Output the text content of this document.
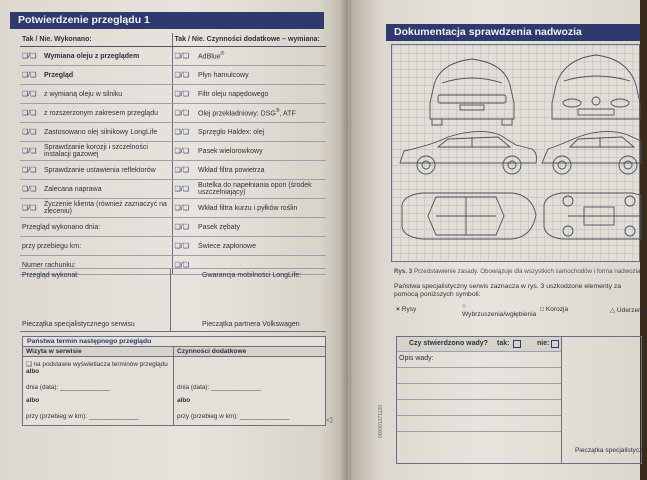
Potwierdzenie przeglądu 1
Tak / Nie. Wykonano:		Tak / Nie. Czynności dodatkowe – wymiana:	
❑/❑	Wymiana oleju z przeglądem	❑/❑	AdBlue®
❑/❑	Przegląd	❑/❑	Płyn hamulcowy
❑/❑	z wymianą oleju w silniku	❑/❑	Filtr oleju napędowego
❑/❑	z rozszerzonym zakresem przeglądu	❑/❑	Olej przekładniowy: DSG®, ATF
❑/❑	Zastosowano olej silnikowy LongLife	❑/❑	Sprzęgło Haldex: olej
❑/❑	Sprawdzanie korozji i szczelności instalacji gazowej	❑/❑	Pasek wielorowkowy
❑/❑	Sprawdzanie ustawienia reflektorów	❑/❑	Wkład filtra powietrza
❑/❑	Zalecana naprawa	❑/❑	Butelka do napełniania opon (środek uszczelniający)
❑/❑	Życzenie klienta (również zaznaczyć na zleceniu)	❑/❑	Wkład filtra kurzu i pyłków roślin
Przegląd wykonano dnia:		❑/❑	Pasek zębaty
przy przebiegu km:		❑/❑	Świece zapłonowe
Numer rachunku:		❑/❑	______________
Przegląd wykonał:	Gwarancja mobilności LongLife:
Pieczątka specjalistycznego serwisu	Pieczątka partnera Volkswagen
Państwa termin następnego przeglądu
Wizyta w serwisie
❑ na podstawie wyświetlacza terminów przeglądu
albo
dnia (data): ______________
albo
przy (przebieg w km): ______________
Czynności dodatkowe
dnia (data): ______________
albo
przy (przebieg w km): ______________	◁
Dokumentacja sprawdzenia nadwozia
Rys. 3 Przedstawienie zasady. Obowiązuje dla wszystkich samochodów i forma nadwozia.
Państwa specjalistyczny serwis zaznacza w rys. 3 uszkodzone elementy za pomocą poniższych symboli:
× Rysy	○ Wybrzuszenia/wgłębienia
□ Korozja	△ Uderzenia
Czy stwierdzono wady? tak:	nie:
Opis wady:
Pieczątka specjalistycz
000001371130
